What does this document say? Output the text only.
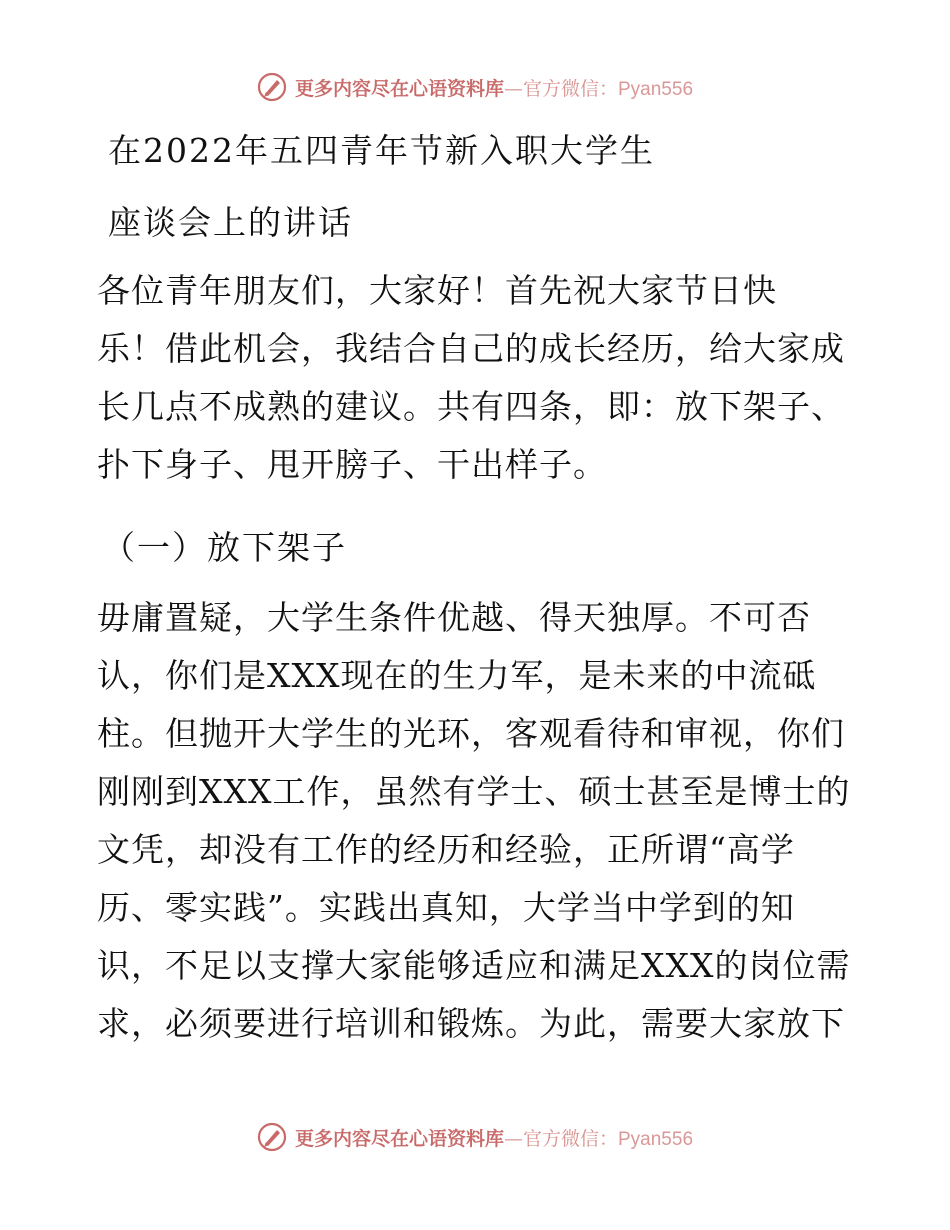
更多内容尽在心语资料库—官方微信：Pyan556
在2022年五四青年节新入职大学生
座谈会上的讲话

各位青年朋友们，大家好！首先祝大家节日快
乐！借此机会，我结合自己的成长经历，给大家成
长几点不成熟的建议。共有四条，即：放下架子、
扑下身子、甩开膀子、干出样子。

（一）放下架子

毋庸置疑，大学生条件优越、得天独厚。不可否
认，你们是XXX现在的生力军，是未来的中流砥
柱。但抛开大学生的光环，客观看待和审视，你们
刚刚到XXX工作，虽然有学士、硕士甚至是博士的
文凭，却没有工作的经历和经验，正所谓“高学
历、零实践”。实践出真知，大学当中学到的知
识，不足以支撑大家能够适应和满足XXX的岗位需
求，必须要进行培训和锻炼。为此，需要大家放下

更多内容尽在心语资料库—官方微信：Pyan556
